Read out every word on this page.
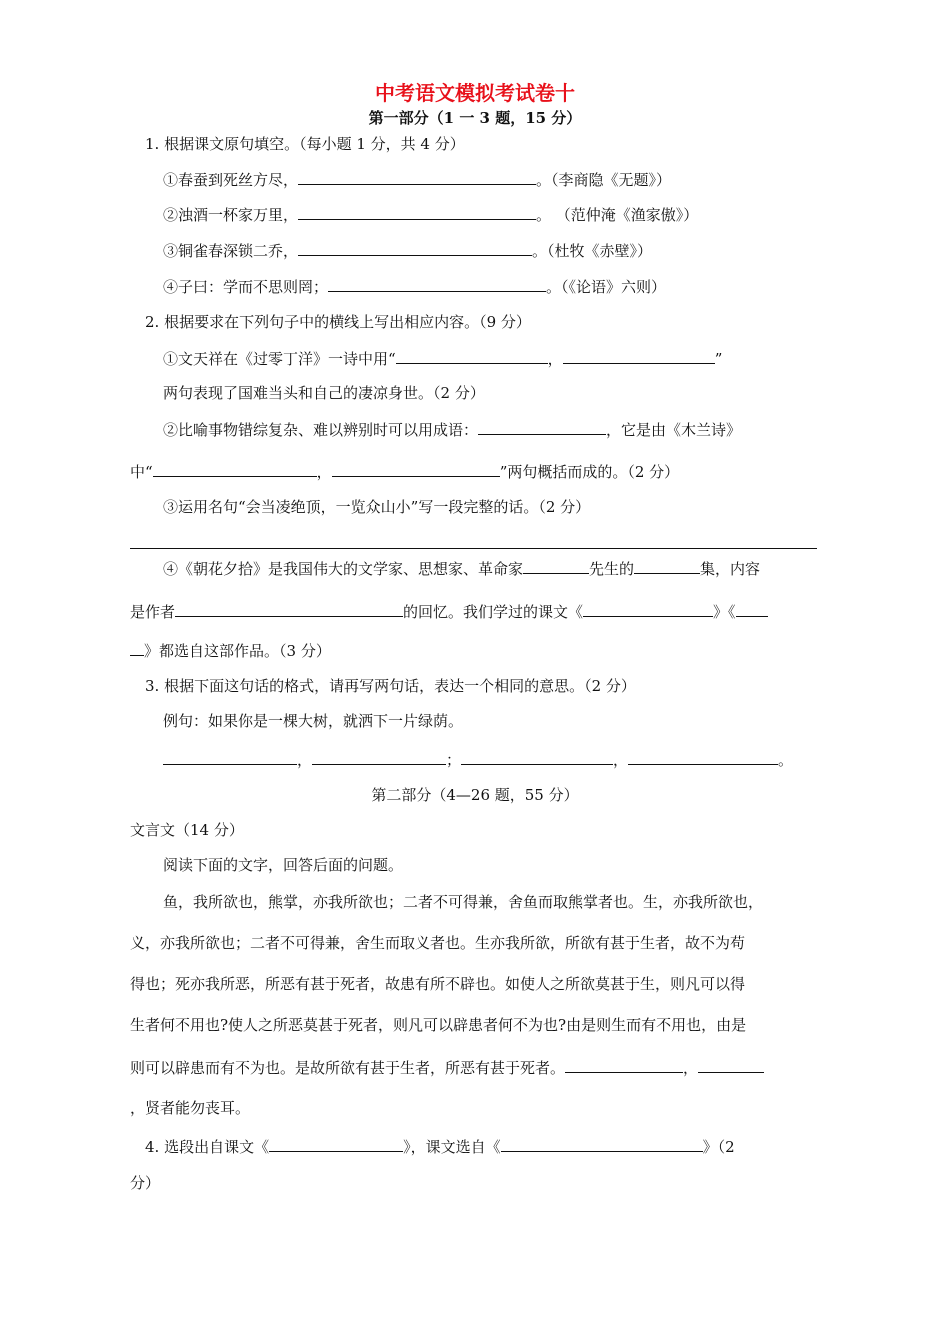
中考语文模拟考试卷十
第一部分（1 一 3 题，15 分）
1. 根据课文原句填空。（每小题 1 分，共 4 分）
①春蚕到死丝方尽，	。（李商隐《无题》）
②浊酒一杯家万里，	。 （范仲淹《渔家傲》）
③铜雀春深锁二乔，	。（杜牧《赤壁》）
④子曰：学而不思则罔；	。（《论语》六则）
2. 根据要求在下列句子中的横线上写出相应内容。（9 分）
①文天祥在《过零丁洋》一诗中用“	，	”
两句表现了国难当头和自己的凄凉身世。（2 分）
②比喻事物错综复杂、难以辨别时可以用成语：	，它是由《木兰诗》
中“	，	”两句概括而成的。（2 分）
③运用名句“会当凌绝顶，一览众山小”写一段完整的话。（2 分）
④《朝花夕拾》是我国伟大的文学家、思想家、革命家	先生的	集，内容
是作者	的回忆。我们学过的课文《	》《
》都选自这部作品。（3 分）
3. 根据下面这句话的格式，请再写两句话，表达一个相同的意思。（2 分）
例句：如果你是一棵大树，就洒下一片绿荫。
，	；	，	。
第二部分（4—26 题，55 分）
文言文（14 分）
阅读下面的文字，回答后面的问题。
鱼，我所欲也，熊掌，亦我所欲也；二者不可得兼，舍鱼而取熊掌者也。生，亦我所欲也，
义，亦我所欲也；二者不可得兼，舍生而取义者也。生亦我所欲，所欲有甚于生者，故不为苟
得也；死亦我所恶，所恶有甚于死者，故患有所不辟也。如使人之所欲莫甚于生，则凡可以得
生者何不用也?使人之所恶莫甚于死者，则凡可以辟患者何不为也?由是则生而有不用也，由是
则可以辟患而有不为也。是故所欲有甚于生者，所恶有甚于死者。	，
，贤者能勿丧耳。
4. 选段出自课文《	》，课文选自《	》（2
分）
